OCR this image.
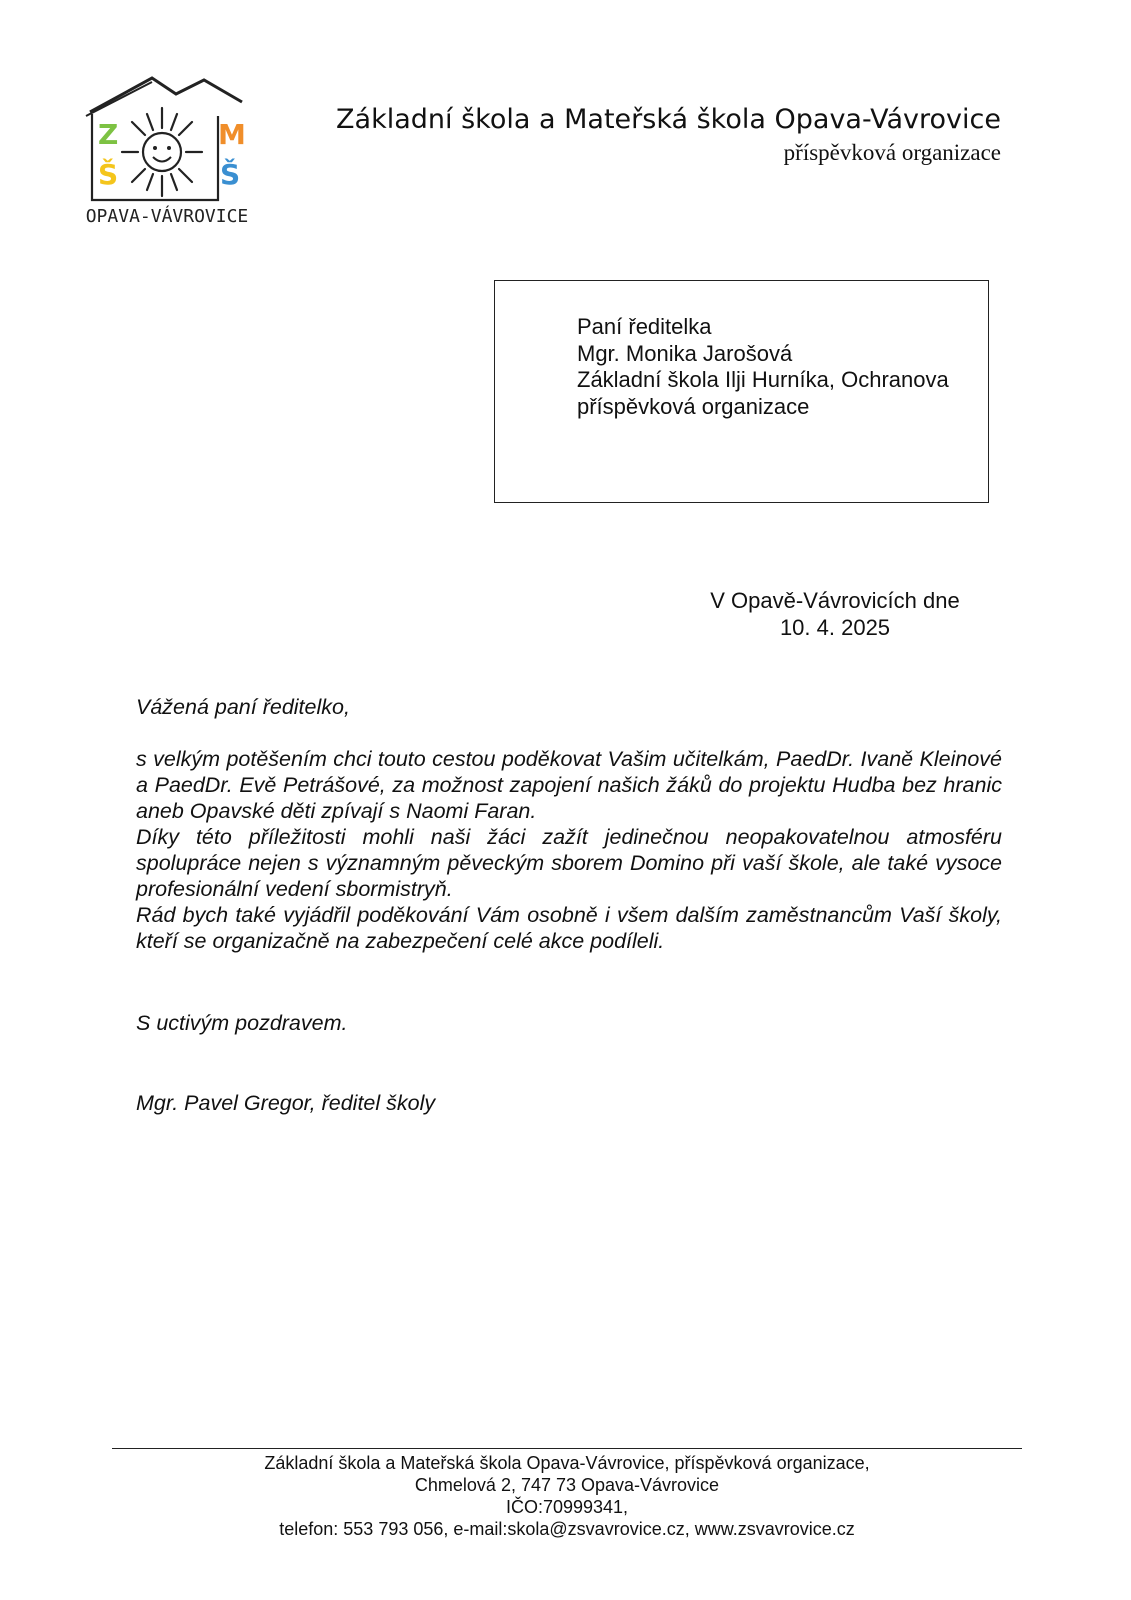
Z
Š
M
Š
OPAVA-VÁVROVICE
Základní škola a Mateřská škola Opava-Vávrovice
příspěvková organizace
Paní ředitelka
Mgr. Monika Jarošová
Základní škola Ilji Hurníka, Ochranova
příspěvková organizace
V Opavě-Vávrovicích dne
10. 4. 2025
Vážená paní ředitelko,

s velkým potěšením chci touto cestou poděkovat Vašim učitelkám, PaedDr. Ivaně Kleinové a PaedDr. Evě Petrášové, za možnost zapojení našich žáků do projektu Hudba bez hranic aneb Opavské děti zpívají s Naomi Faran.

Díky této příležitosti mohli naši žáci zažít jedinečnou neopakovatelnou atmosféru spolupráce nejen s významným pěveckým sborem Domino při vaší škole, ale také vysoce profesionální vedení sbormistryň.

Rád bych také vyjádřil poděkování Vám osobně i všem dalším zaměstnancům Vaší školy, kteří se organizačně na zabezpečení celé akce podíleli.

S uctivým pozdravem.
Mgr. Pavel Gregor, ředitel školy
Základní škola a Mateřská škola Opava-Vávrovice, příspěvková organizace,
Chmelová 2, 747 73 Opava-Vávrovice
IČO:70999341,
telefon: 553 793 056, e-mail:skola@zsvavrovice.cz, www.zsvavrovice.cz
